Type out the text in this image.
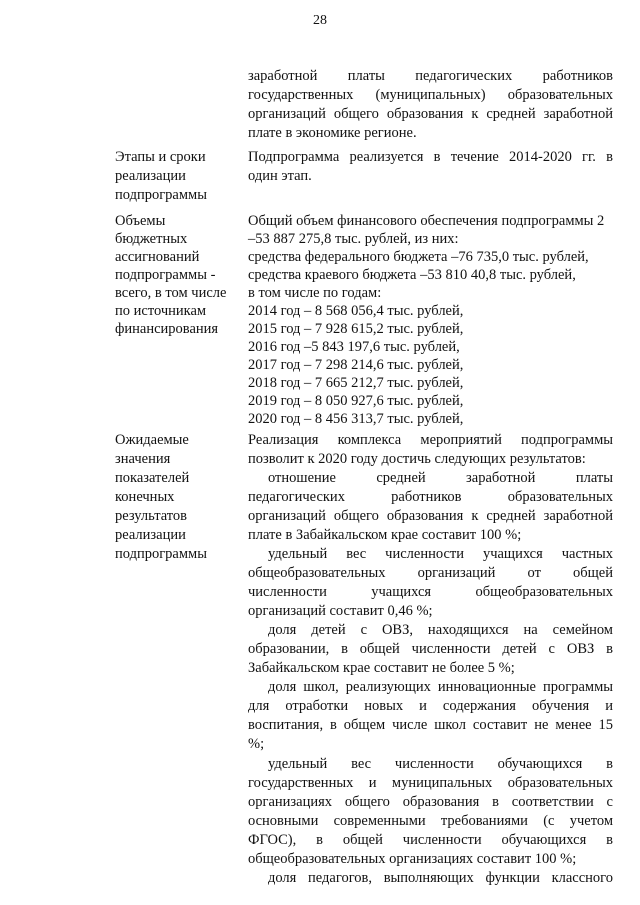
28
заработной платы педагогических работников
государственных (муниципальных) образовательных
организаций общего образования к средней заработной
плате в экономике регионе.
Этапы и сроки
реализации
подпрограммы
Подпрограмма реализуется в течение 2014-2020 гг. в
один этап.
Объемы
бюджетных
ассигнований
подпрограммы -
всего, в том числе
по источникам
финансирования
Общий объем финансового обеспечения подпрограммы 2
–53 887 275,8 тыс. рублей, из них:
средства федерального бюджета –76 735,0 тыс. рублей,
средства краевого бюджета –53 810 40,8 тыс. рублей,
в том числе по годам:
2014 год – 8 568 056,4 тыс. рублей,
2015 год – 7 928 615,2 тыс. рублей,
2016 год –5 843 197,6 тыс. рублей,
2017 год – 7 298 214,6 тыс. рублей,
2018 год – 7 665 212,7 тыс. рублей,
2019 год – 8 050 927,6 тыс. рублей,
2020 год – 8 456 313,7 тыс. рублей,
Ожидаемые
значения
показателей
конечных
результатов
реализации
подпрограммы
Реализация комплекса мероприятий подпрограммы
позволит к 2020 году достичь следующих результатов:
отношение средней заработной платы
педагогических работников образовательных
организаций общего образования к средней заработной
плате в Забайкальском крае составит 100 %;
удельный вес численности учащихся частных
общеобразовательных организаций от общей
численности учащихся общеобразовательных
организаций составит 0,46 %;
доля детей с ОВЗ, находящихся на семейном
образовании, в общей численности детей с ОВЗ в
Забайкальском крае составит не более 5 %;
доля школ, реализующих инновационные программы
для отработки новых и содержания обучения и
воспитания, в общем числе школ составит не менее 15
%;
удельный вес численности обучающихся в
государственных и муниципальных образовательных
организациях общего образования в соответствии с
основными современными требованиями (с учетом
ФГОС), в общей численности обучающихся в
общеобразовательных организациях составит 100 %;
доля педагогов, выполняющих функции классного
